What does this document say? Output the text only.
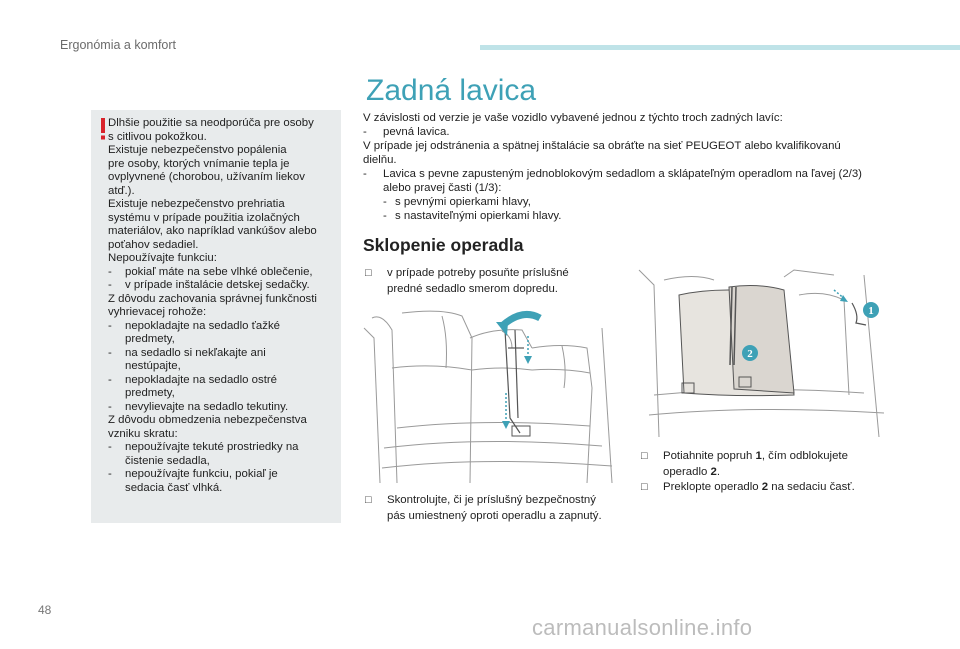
Ergonómia a komfort
Dlhšie použitie sa neodporúča pre osoby
s citlivou pokožkou.
Existuje nebezpečenstvo popálenia
pre osoby, ktorých vnímanie tepla je
ovplyvnené (chorobou, užívaním liekov
atď.).
Existuje nebezpečenstvo prehriatia
systému v prípade použitia izolačných
materiálov, ako napríklad vankúšov alebo
poťahov sedadiel.
Nepoužívajte funkciu:
-	pokiaľ máte na sebe vlhké oblečenie,
-	v prípade inštalácie detskej sedačky.
Z dôvodu zachovania správnej funkčnosti
vyhrievacej rohože:
-	nepokladajte na sedadlo ťažké
predmety,
-	na sedadlo si nekľakajte ani
nestúpajte,
-	nepokladajte na sedadlo ostré
predmety,
-	nevylievajte na sedadlo tekutiny.
Z dôvodu obmedzenia nebezpečenstva
vzniku skratu:
-	nepoužívajte tekuté prostriedky na
čistenie sedadla,
-	nepoužívajte funkciu, pokiaľ je
sedacia časť vlhká.
Zadná lavica
V závislosti od verzie je vaše vozidlo vybavené jednou z týchto troch zadných lavíc:
-	pevná lavica.
V prípade jej odstránenia a spätnej inštalácie sa obráťte na sieť PEUGEOT alebo kvalifikovanú
dielňu.
-	Lavica s pevne zapusteným jednoblokovým sedadlom a sklápateľným operadlom na ľavej (2/3)
alebo pravej časti (1/3):
- s pevnými opierkami hlavy,
- s nastaviteľnými opierkami hlavy.
Sklopenie operadla
□	v prípade potreby posuňte príslušné
predné sedadlo smerom dopredu.
□	Skontrolujte, či je príslušný bezpečnostný
pás umiestnený oproti operadlu a zapnutý.
1
2
□	Potiahnite popruh 1, čím odblokujete
operadlo 2.
□	Preklopte operadlo 2 na sedaciu časť.
48
carmanualsonline.info
